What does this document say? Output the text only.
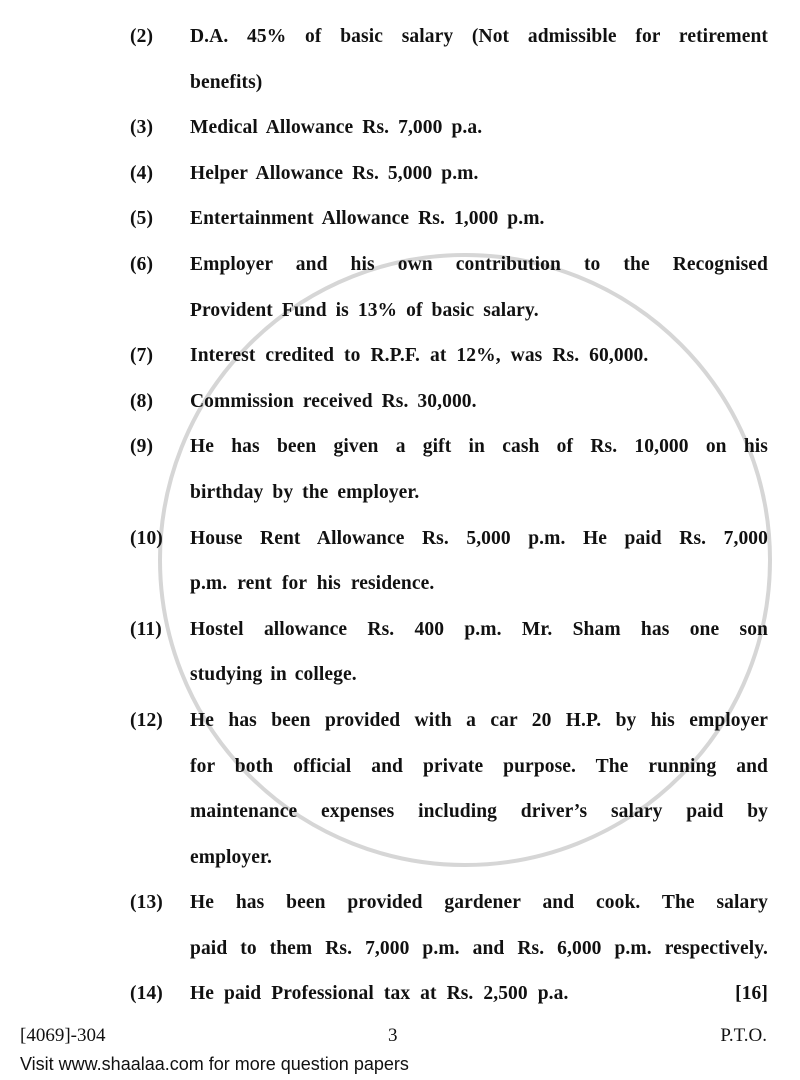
(2)	D.A. 45% of basic salary (Not admissible for retirement
benefits)
(3)	Medical Allowance Rs. 7,000 p.a.
(4)	Helper Allowance Rs. 5,000 p.m.
(5)	Entertainment Allowance Rs. 1,000 p.m.
(6)	Employer and his own contribution to the Recognised
Provident Fund is 13% of basic salary.
(7)	Interest credited to R.P.F. at 12%, was Rs. 60,000.
(8)	Commission received Rs. 30,000.
(9)	He has been given a gift in cash of Rs. 10,000 on his
birthday by the employer.
(10)	House Rent Allowance Rs. 5,000 p.m. He paid Rs. 7,000
p.m. rent for his residence.
(11)	Hostel allowance Rs. 400 p.m. Mr. Sham has one son
studying in college.
(12)	He has been provided with a car 20 H.P. by his employer
for both official and private purpose. The running and
maintenance expenses including driver’s salary paid by
employer.
(13)	He has been provided gardener and cook. The salary
paid to them Rs. 7,000 p.m. and Rs. 6,000 p.m. respectively.
(14)	He paid Professional tax at Rs. 2,500 p.a.	[16]
[4069]-304	3	P.T.O.
Visit www.shaalaa.com for more question papers
